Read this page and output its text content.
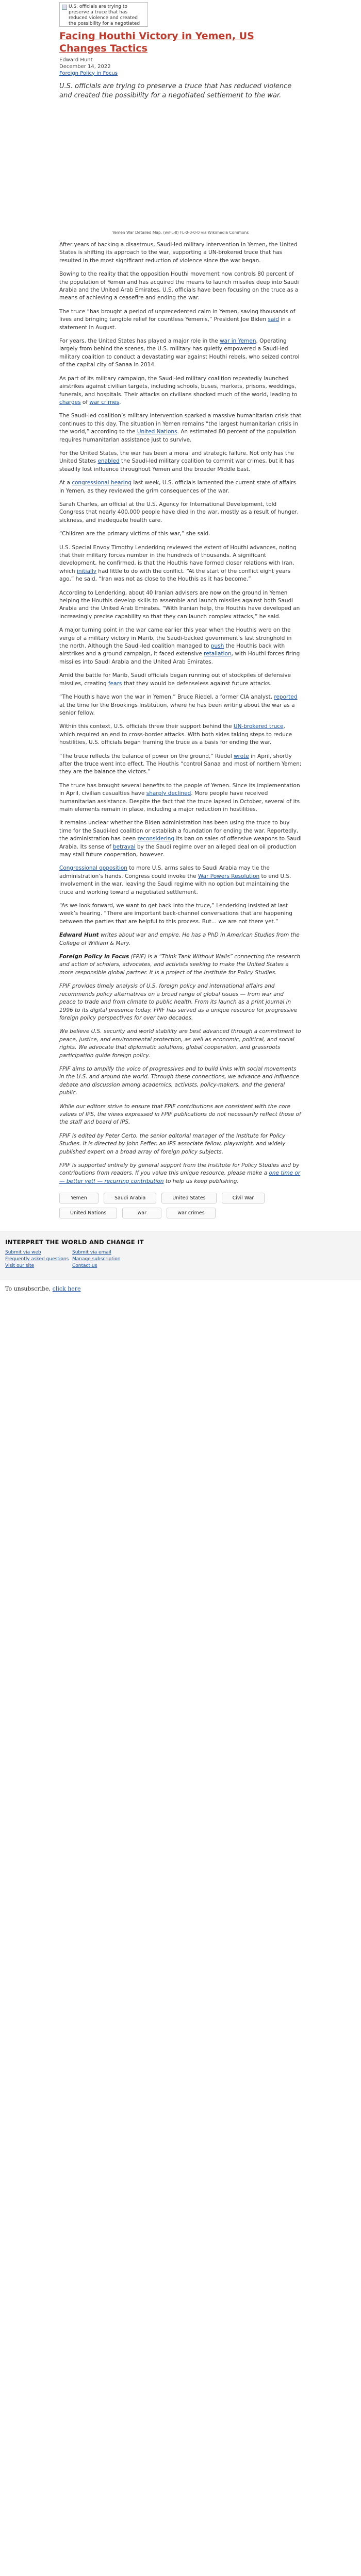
U.S. officials are trying to preserve a truce that has reduced violence and created the possibility for a negotiated
Facing Houthi Victory in Yemen, US Changes Tactics
Edward Hunt
December 14, 2022
Foreign Policy in Focus

U.S. officials are trying to preserve a truce that has reduced violence and created the possibility for a negotiated settlement to the war.

Yemen War Detailed Map. (w/FL-II) FL-0-0-0-0 via Wikimedia Commons

After years of backing a disastrous, Saudi-led military intervention in Yemen, the United States is shifting its approach to the war, supporting a UN-brokered truce that has resulted in the most significant reduction of violence since the war began.

Bowing to the reality that the opposition Houthi movement now controls 80 percent of the population of Yemen and has acquired the means to launch missiles deep into Saudi Arabia and the United Arab Emirates, U.S. officials have been focusing on the truce as a means of achieving a ceasefire and ending the war.

The truce “has brought a period of unprecedented calm in Yemen, saving thousands of lives and bringing tangible relief for countless Yemenis,” President Joe Biden said in a statement in August.

For years, the United States has played a major role in the war in Yemen. Operating largely from behind the scenes, the U.S. military has quietly empowered a Saudi-led military coalition to conduct a devastating war against Houthi rebels, who seized control of the capital city of Sanaa in 2014.

As part of its military campaign, the Saudi-led military coalition repeatedly launched airstrikes against civilian targets, including schools, buses, markets, prisons, weddings, funerals, and hospitals. Their attacks on civilians shocked much of the world, leading to charges of war crimes.

The Saudi-led coalition’s military intervention sparked a massive humanitarian crisis that continues to this day. The situation in Yemen remains “the largest humanitarian crisis in the world,” according to the United Nations. An estimated 80 percent of the population requires humanitarian assistance just to survive.

For the United States, the war has been a moral and strategic failure. Not only has the United States enabled the Saudi-led military coalition to commit war crimes, but it has steadily lost influence throughout Yemen and the broader Middle East.

At a congressional hearing last week, U.S. officials lamented the current state of affairs in Yemen, as they reviewed the grim consequences of the war.

Sarah Charles, an official at the U.S. Agency for International Development, told Congress that nearly 400,000 people have died in the war, mostly as a result of hunger, sickness, and inadequate health care.

“Children are the primary victims of this war,” she said.

U.S. Special Envoy Timothy Lenderking reviewed the extent of Houthi advances, noting that their military forces number in the hundreds of thousands. A significant development, he confirmed, is that the Houthis have formed closer relations with Iran, which initially had little to do with the conflict. “At the start of the conflict eight years ago,” he said, “Iran was not as close to the Houthis as it has become.”

According to Lenderking, about 40 Iranian advisers are now on the ground in Yemen helping the Houthis develop skills to assemble and launch missiles against both Saudi Arabia and the United Arab Emirates. “With Iranian help, the Houthis have developed an increasingly precise capability so that they can launch complex attacks,” he said.

A major turning point in the war came earlier this year when the Houthis were on the verge of a military victory in Marib, the Saudi-backed government’s last stronghold in the north. Although the Saudi-led coalition managed to push the Houthis back with airstrikes and a ground campaign, it faced extensive retaliation, with Houthi forces firing missiles into Saudi Arabia and the United Arab Emirates.

Amid the battle for Marib, Saudi officials began running out of stockpiles of defensive missiles, creating fears that they would be defenseless against future attacks.

“The Houthis have won the war in Yemen,” Bruce Riedel, a former CIA analyst, reported at the time for the Brookings Institution, where he has been writing about the war as a senior fellow.

Within this context, U.S. officials threw their support behind the UN-brokered truce, which required an end to cross-border attacks. With both sides taking steps to reduce hostilities, U.S. officials began framing the truce as a basis for ending the war.

“The truce reflects the balance of power on the ground,” Riedel wrote in April, shortly after the truce went into effect. The Houthis “control Sanaa and most of northern Yemen; they are the balance the victors.”

The truce has brought several benefits to the people of Yemen. Since its implementation in April, civilian casualties have sharply declined. More people have received humanitarian assistance. Despite the fact that the truce lapsed in October, several of its main elements remain in place, including a major reduction in hostilities.

It remains unclear whether the Biden administration has been using the truce to buy time for the Saudi-led coalition or establish a foundation for ending the war. Reportedly, the administration has been reconsidering its ban on sales of offensive weapons to Saudi Arabia. Its sense of betrayal by the Saudi regime over an alleged deal on oil production may stall future cooperation, however.

Congressional opposition to more U.S. arms sales to Saudi Arabia may tie the administration’s hands. Congress could invoke the War Powers Resolution to end U.S. involvement in the war, leaving the Saudi regime with no option but maintaining the truce and working toward a negotiated settlement.

“As we look forward, we want to get back into the truce,” Lenderking insisted at last week’s hearing. “There are important back-channel conversations that are happening between the parties that are helpful to this process. But… we are not there yet.”

Edward Hunt writes about war and empire. He has a PhD in American Studies from the College of William & Mary.

Foreign Policy in Focus (FPIF) is a “Think Tank Without Walls” connecting the research and action of scholars, advocates, and activists seeking to make the United States a more responsible global partner. It is a project of the Institute for Policy Studies.

FPIF provides timely analysis of U.S. foreign policy and international affairs and recommends policy alternatives on a broad range of global issues — from war and peace to trade and from climate to public health. From its launch as a print journal in 1996 to its digital presence today, FPIF has served as a unique resource for progressive foreign policy perspectives for over two decades.

We believe U.S. security and world stability are best advanced through a commitment to peace, justice, and environmental protection, as well as economic, political, and social rights. We advocate that diplomatic solutions, global cooperation, and grassroots participation guide foreign policy.

FPIF aims to amplify the voice of progressives and to build links with social movements in the U.S. and around the world. Through these connections, we advance and influence debate and discussion among academics, activists, policy-makers, and the general public.

While our editors strive to ensure that FPIF contributions are consistent with the core values of IPS, the views expressed in FPIF publications do not necessarily reflect those of the staff and board of IPS.

FPIF is edited by Peter Certo, the senior editorial manager of the Institute for Policy Studies. It is directed by John Feffer, an IPS associate fellow, playwright, and widely published expert on a broad array of foreign policy subjects.

FPIF is supported entirely by general support from the Institute for Policy Studies and by contributions from readers. If you value this unique resource, please make a one time or — better yet! — recurring contribution to help us keep publishing.

Yemen	Saudi Arabia	United States	Civil War
United Nations	war	war crimes
INTERPRET THE WORLD AND CHANGE IT
Submit via web	Submit via email
Frequently asked questions Manage subscription
Visit our site	Contact us
To unsubscribe, click here
